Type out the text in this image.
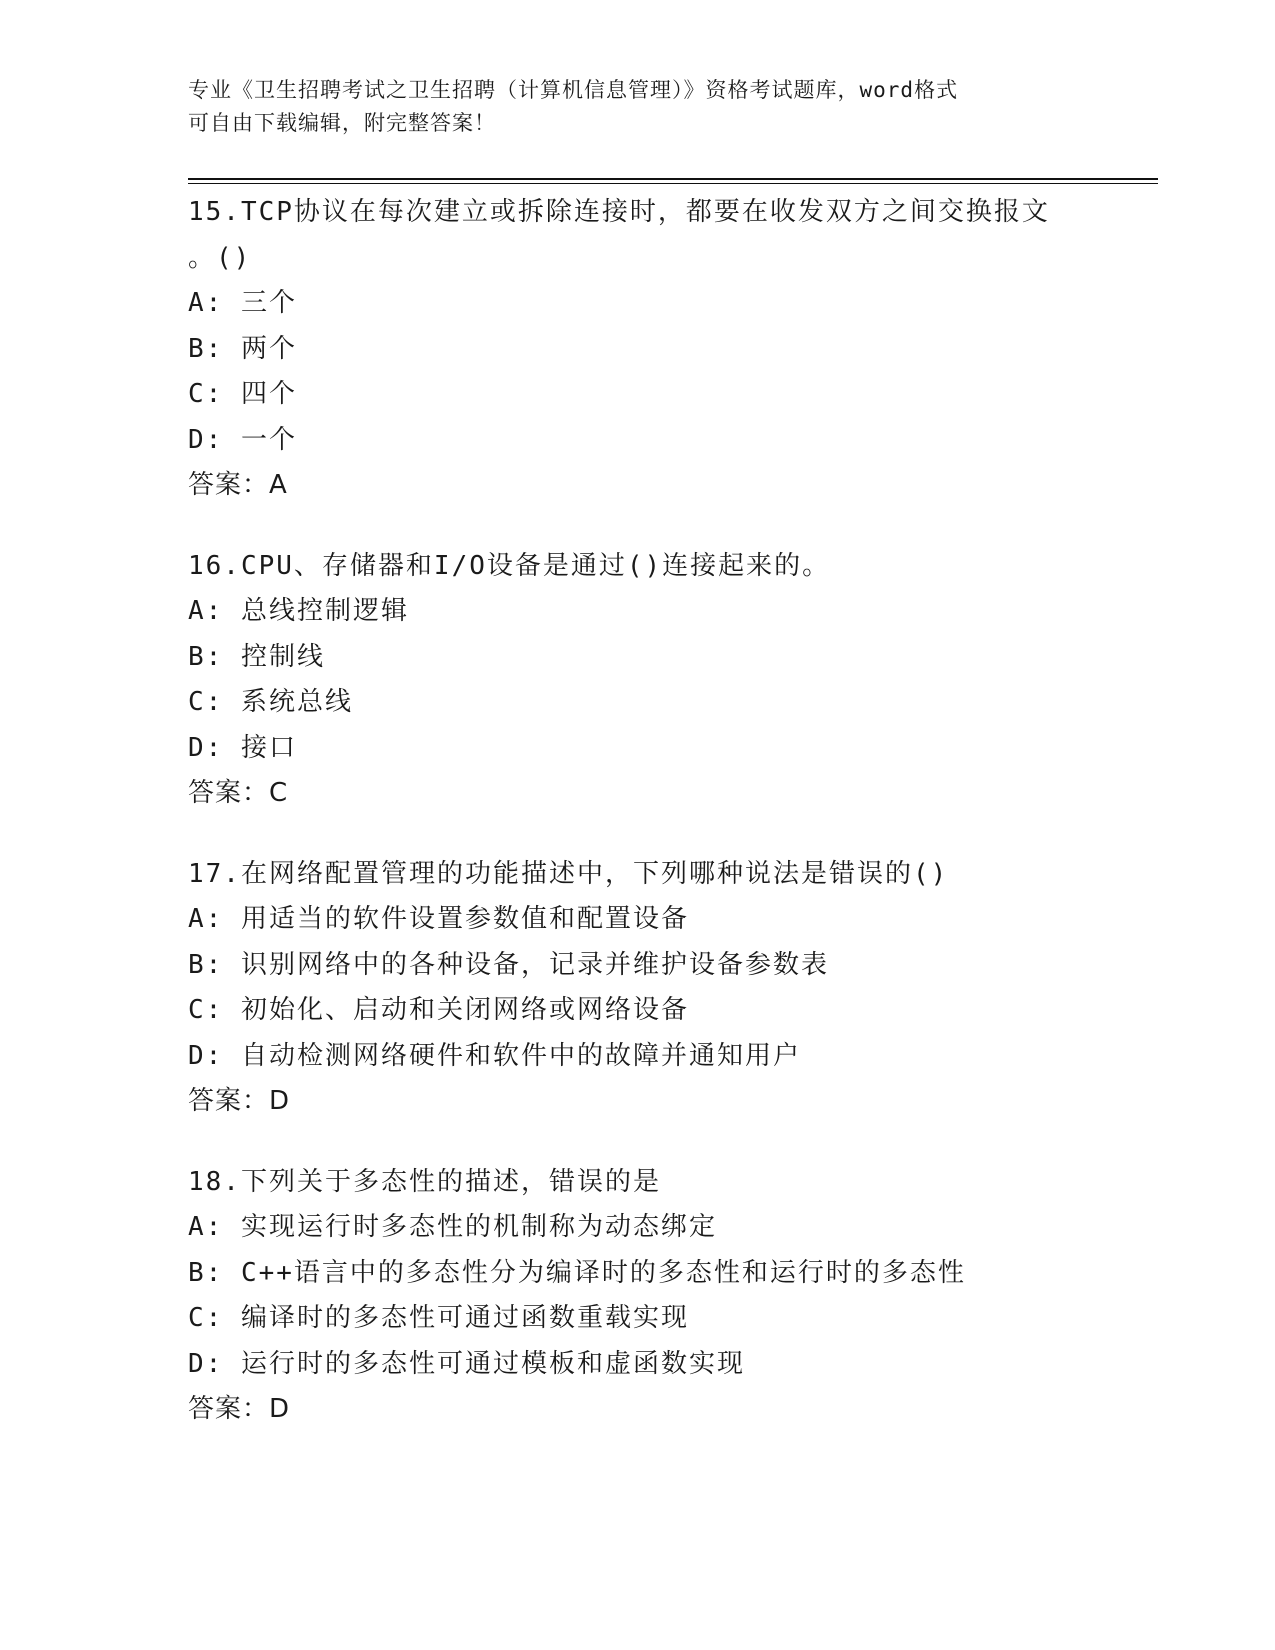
专业《卫生招聘考试之卫生招聘（计算机信息管理）》资格考试题库，word格式
可自由下载编辑，附完整答案！
15.TCP协议在每次建立或拆除连接时，都要在收发双方之间交换报文
。()
A: 三个
B: 两个
C: 四个
D: 一个
答案：A
16.CPU、存储器和I/O设备是通过()连接起来的。
A: 总线控制逻辑
B: 控制线
C: 系统总线
D: 接口
答案：C
17.在网络配置管理的功能描述中，下列哪种说法是错误的()
A: 用适当的软件设置参数值和配置设备
B: 识别网络中的各种设备，记录并维护设备参数表
C: 初始化、启动和关闭网络或网络设备
D: 自动检测网络硬件和软件中的故障并通知用户
答案：D
18.下列关于多态性的描述，错误的是
A: 实现运行时多态性的机制称为动态绑定
B: C++语言中的多态性分为编译时的多态性和运行时的多态性
C: 编译时的多态性可通过函数重载实现
D: 运行时的多态性可通过模板和虚函数实现
答案：D
